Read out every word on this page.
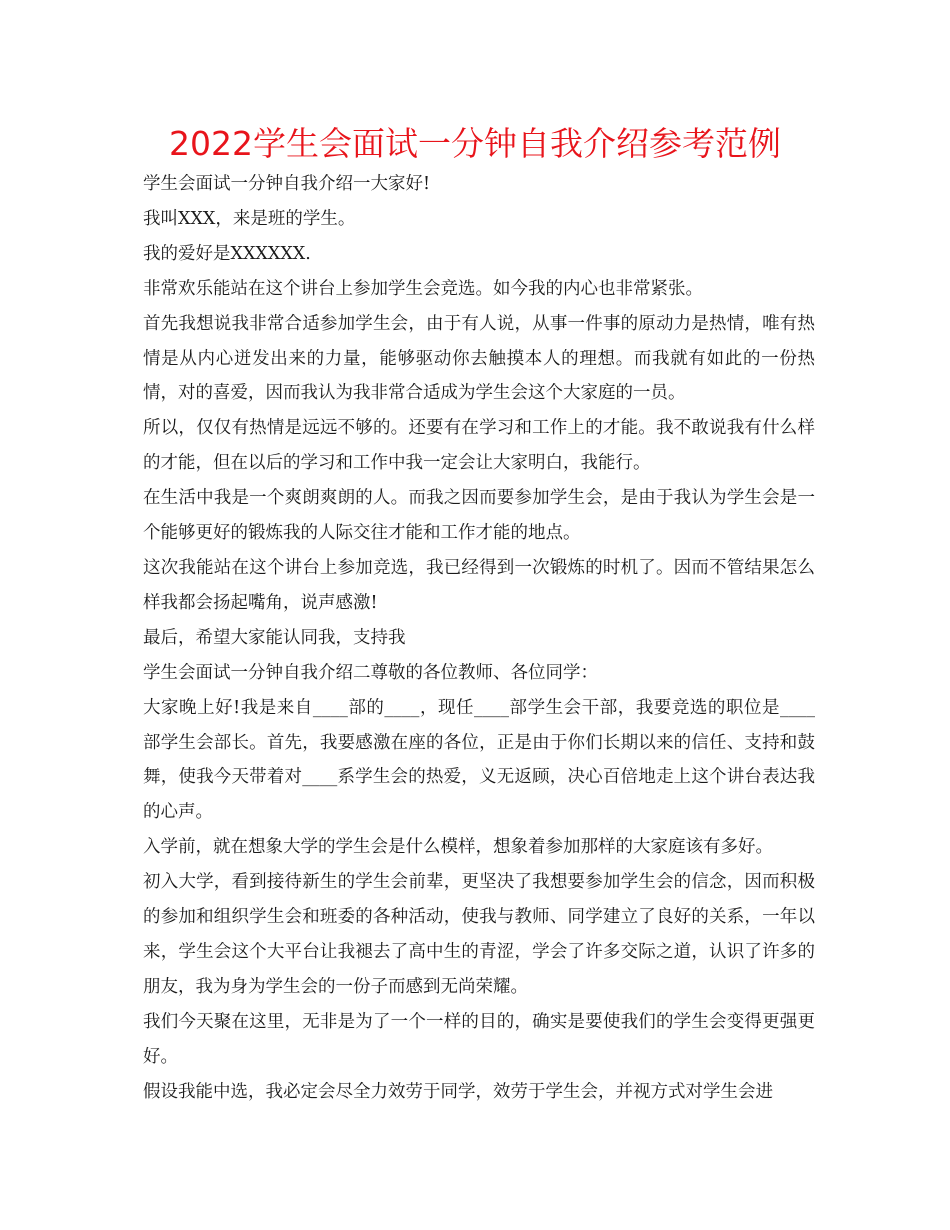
2022学生会面试一分钟自我介绍参考范例

学生会面试一分钟自我介绍一大家好!

我叫XXX，来是班的学生。

我的爱好是XXXXXX.

非常欢乐能站在这个讲台上参加学生会竞选。如今我的内心也非常紧张。

首先我想说我非常合适参加学生会，由于有人说，从事一件事的原动力是热情，唯有热情是从内心迸发出来的力量，能够驱动你去触摸本人的理想。而我就有如此的一份热情，对的喜爱，因而我认为我非常合适成为学生会这个大家庭的一员。

所以，仅仅有热情是远远不够的。还要有在学习和工作上的才能。我不敢说我有什么样的才能，但在以后的学习和工作中我一定会让大家明白，我能行。

在生活中我是一个爽朗爽朗的人。而我之因而要参加学生会，是由于我认为学生会是一个能够更好的锻炼我的人际交往才能和工作才能的地点。

这次我能站在这个讲台上参加竞选，我已经得到一次锻炼的时机了。因而不管结果怎么样我都会扬起嘴角，说声感激!

最后，希望大家能认同我，支持我

学生会面试一分钟自我介绍二尊敬的各位教师、各位同学：

大家晚上好!我是来自____部的____，现任____部学生会干部，我要竞选的职位是____部学生会部长。首先，我要感激在座的各位，正是由于你们长期以来的信任、支持和鼓舞，使我今天带着对____系学生会的热爱，义无返顾，决心百倍地走上这个讲台表达我的心声。

入学前，就在想象大学的学生会是什么模样，想象着参加那样的大家庭该有多好。

初入大学，看到接待新生的学生会前辈，更坚决了我想要参加学生会的信念，因而积极的参加和组织学生会和班委的各种活动，使我与教师、同学建立了良好的关系，一年以来，学生会这个大平台让我褪去了高中生的青涩，学会了许多交际之道，认识了许多的朋友，我为身为学生会的一份子而感到无尚荣耀。

我们今天聚在这里，无非是为了一个一样的目的，确实是要使我们的学生会变得更强更好。

假设我能中选，我必定会尽全力效劳于同学，效劳于学生会，并视方式对学生会进
